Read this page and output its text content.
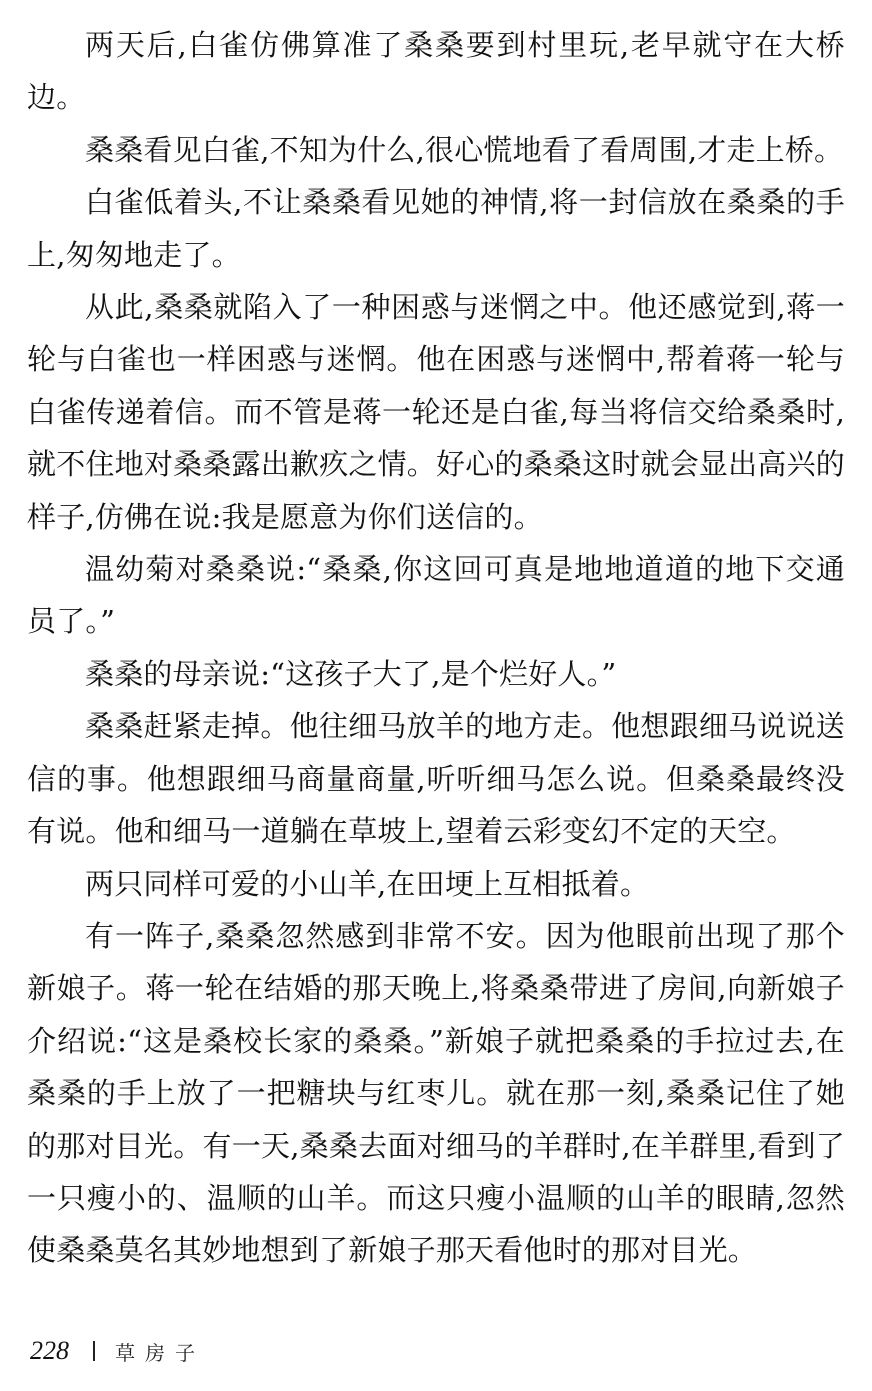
两天后,白雀仿佛算准了桑桑要到村里玩,老早就守在大桥边。

桑桑看见白雀,不知为什么,很心慌地看了看周围,才走上桥。

白雀低着头,不让桑桑看见她的神情,将一封信放在桑桑的手上,匆匆地走了。

从此,桑桑就陷入了一种困惑与迷惘之中。他还感觉到,蒋一轮与白雀也一样困惑与迷惘。他在困惑与迷惘中,帮着蒋一轮与白雀传递着信。而不管是蒋一轮还是白雀,每当将信交给桑桑时,就不住地对桑桑露出歉疚之情。好心的桑桑这时就会显出高兴的样子,仿佛在说:我是愿意为你们送信的。

温幼菊对桑桑说:“桑桑,你这回可真是地地道道的地下交通员了。”

桑桑的母亲说:“这孩子大了,是个烂好人。”

桑桑赶紧走掉。他往细马放羊的地方走。他想跟细马说说送信的事。他想跟细马商量商量,听听细马怎么说。但桑桑最终没有说。他和细马一道躺在草坡上,望着云彩变幻不定的天空。

两只同样可爱的小山羊,在田埂上互相抵着。

有一阵子,桑桑忽然感到非常不安。因为他眼前出现了那个新娘子。蒋一轮在结婚的那天晚上,将桑桑带进了房间,向新娘子介绍说:“这是桑校长家的桑桑。”新娘子就把桑桑的手拉过去,在桑桑的手上放了一把糖块与红枣儿。就在那一刻,桑桑记住了她的那对目光。有一天,桑桑去面对细马的羊群时,在羊群里,看到了一只瘦小的、温顺的山羊。而这只瘦小温顺的山羊的眼睛,忽然使桑桑莫名其妙地想到了新娘子那天看他时的那对目光。

228 草房子
